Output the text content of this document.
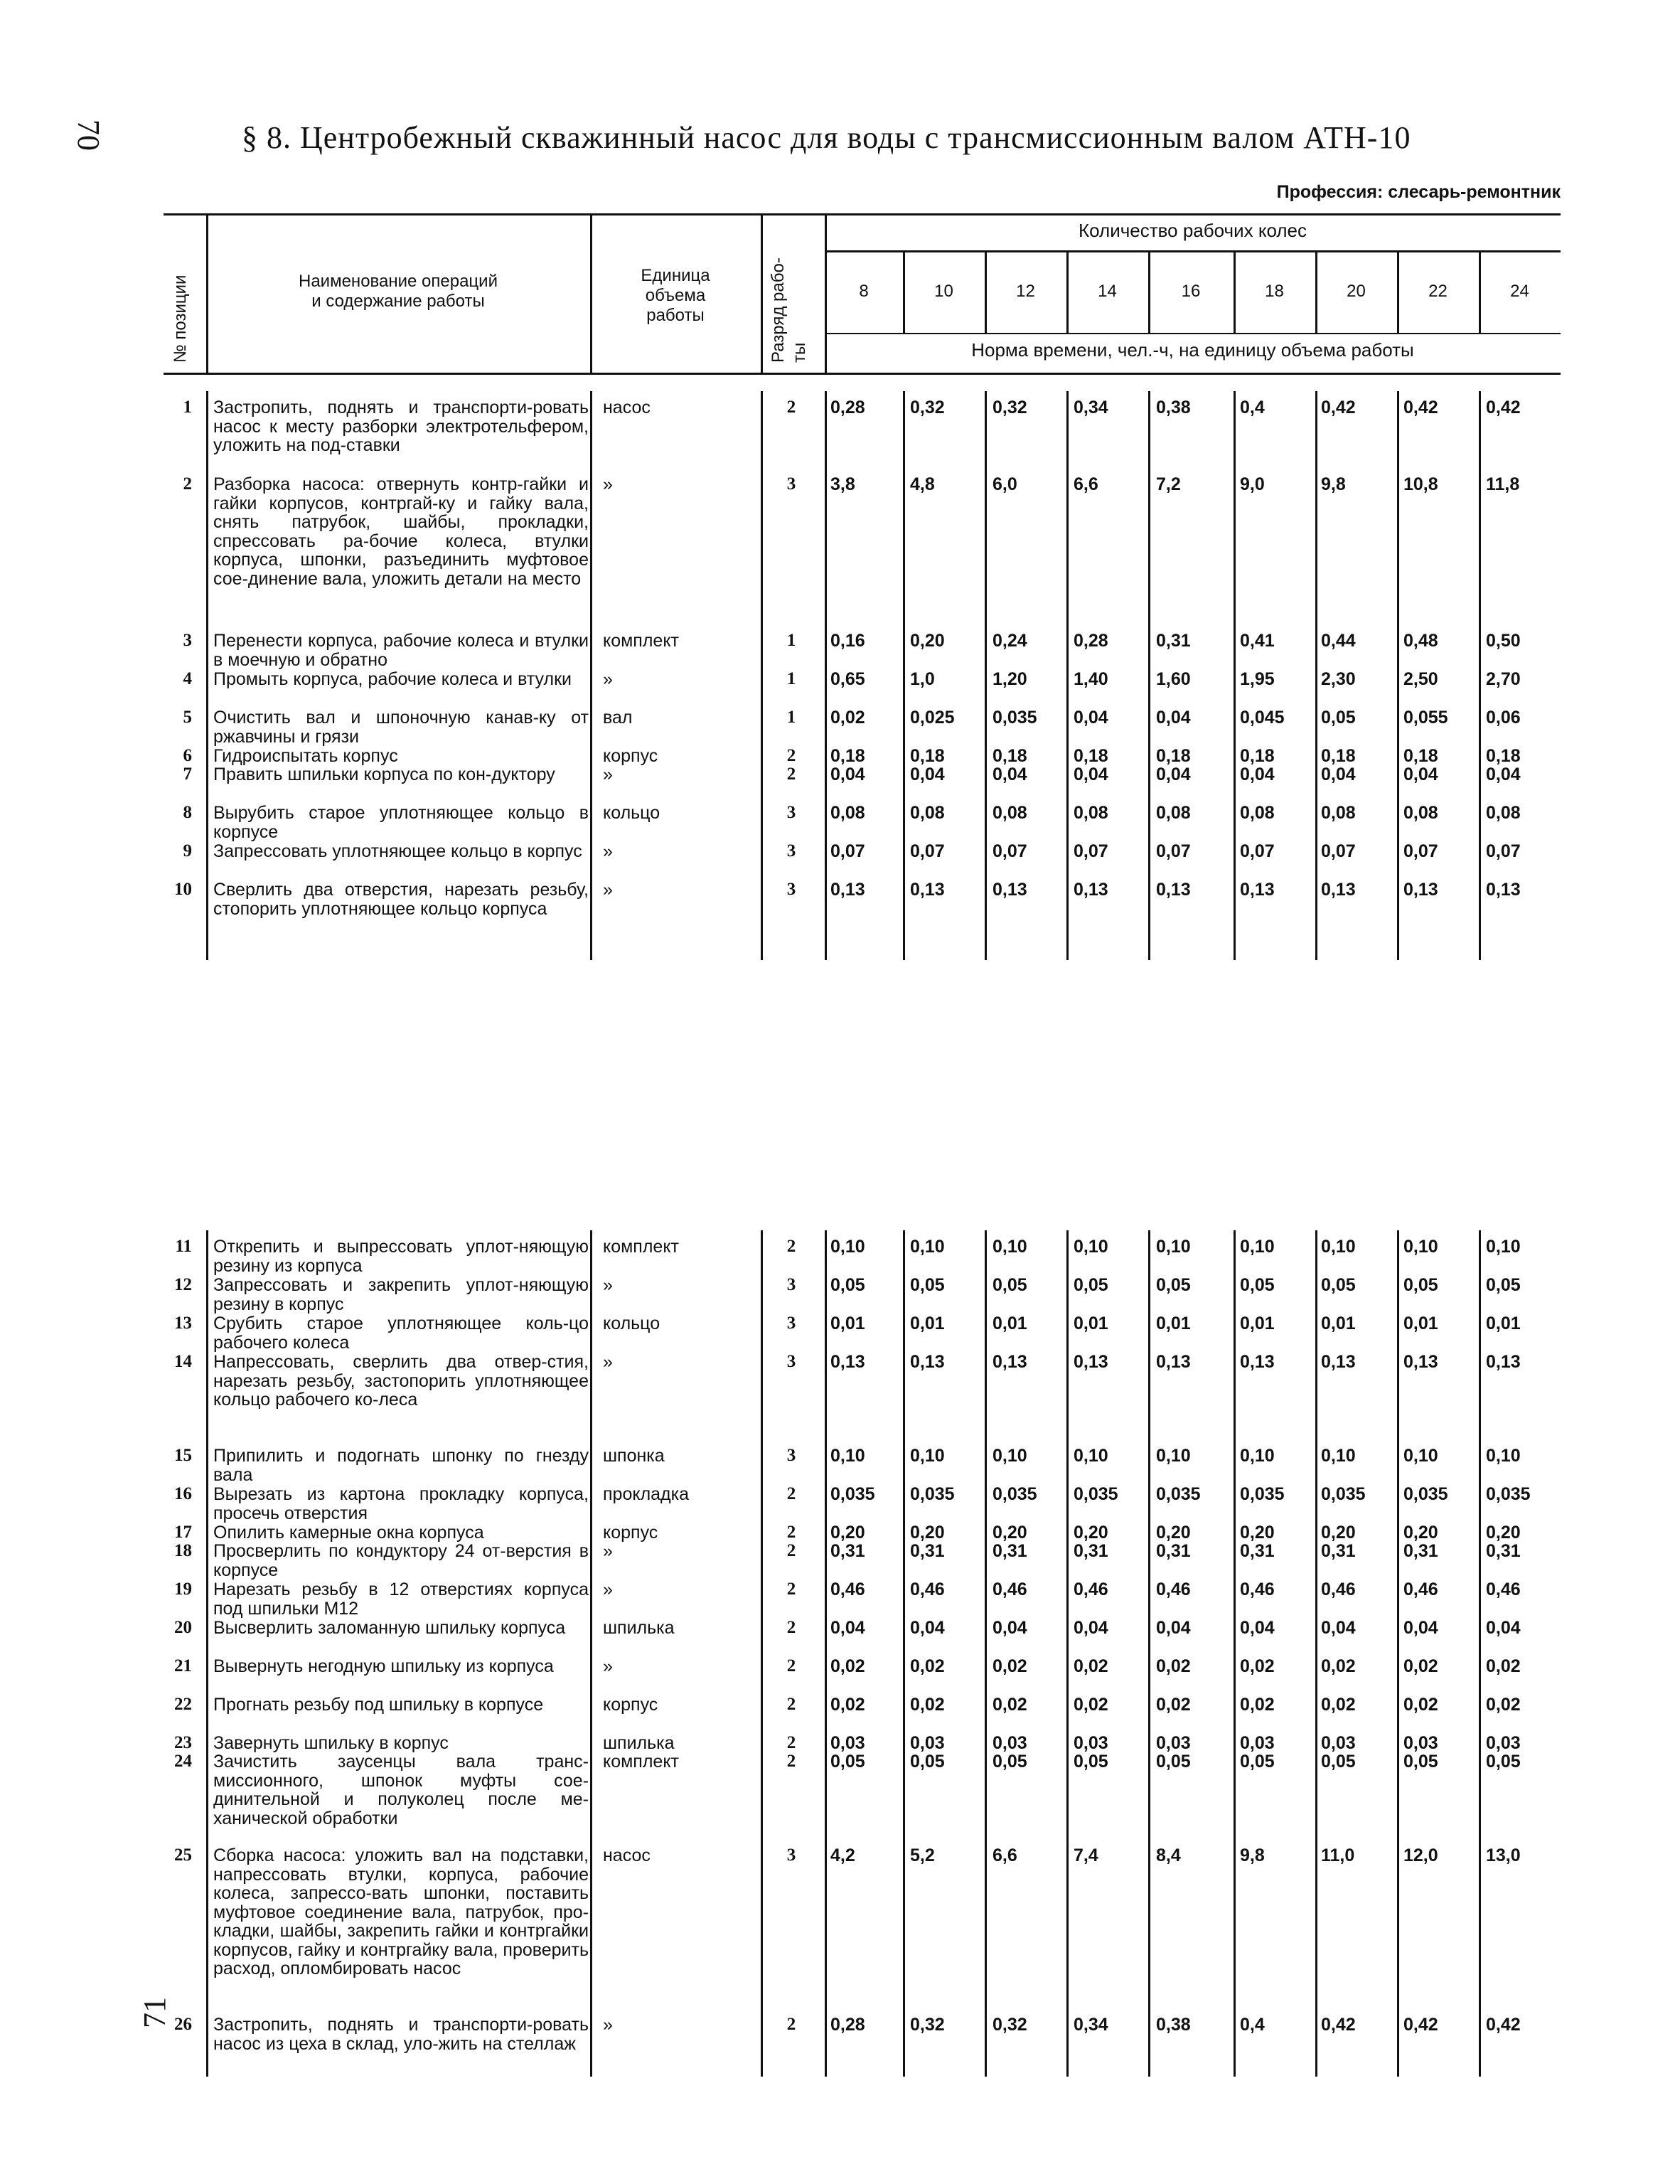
70	§ 8. Центробежный скважинный насос для воды с трансмиссионным валом АТН-10
Профессия: слесарь-ремонтник
71
№ позиции	Наименование операций
и содержание работы
Единица
объема
работы	Разряд рабо-
ты
Количество рабочих колес
Норма времени, чел.-ч, на единицу объема работы
8	10	12	14	16	18	20	22	24
1 Застропить, поднять и транспорти-ровать насос к месту разборки электротельфером, уложить на под-ставки
насос	2	0,28	0,32	0,32	0,34	0,38	0,4	0,42	0,42	0,42
2 Разборка насоса: отвернуть контр-гайки и гайки корпусов, контргай-ку и гайку вала, снять патрубок, шайбы, прокладки, спрессовать ра-бочие колеса, втулки корпуса, шпонки, разъединить муфтовое сое-динение вала, уложить детали на место
»	3	3,8	4,8	6,0	6,6	7,2	9,0	9,8	10,8	11,8
3 Перенести корпуса, рабочие колеса и втулки в моечную и обратно
комплект	1	0,16	0,20	0,24	0,28	0,31	0,41	0,44	0,48	0,50
4 Промыть корпуса, рабочие колеса и втулки	»	1	0,65	1,0	1,20	1,40	1,60	1,95	2,30	2,50	2,70
5 Очистить вал и шпоночную канав-ку от ржавчины и грязи
вал	1	0,02	0,025 0,035 0,04	0,04	0,045 0,05	0,055 0,06
6 Гидроиспытать корпус	корпус	2	0,18	0,18	0,18	0,18	0,18	0,18	0,18	0,18	0,18
7 Править шпильки корпуса по кон-дуктору	»	2	0,04	0,04	0,04	0,04	0,04	0,04	0,04	0,04	0,04
8 Вырубить старое уплотняющее кольцо в корпусе
кольцо	3	0,08	0,08	0,08	0,08	0,08	0,08	0,08	0,08	0,08
9 Запрессовать уплотняющее кольцо в корпус	»	3	0,07	0,07	0,07	0,07	0,07	0,07	0,07	0,07	0,07
10 Сверлить два отверстия, нарезать резьбу, стопорить уплотняющее кольцо корпуса
»	3	0,13	0,13	0,13	0,13	0,13	0,13	0,13	0,13	0,13
11 Открепить и выпрессовать уплот-няющую резину из корпуса
комплект	2	0,10	0,10	0,10	0,10	0,10	0,10	0,10	0,10	0,10
12 Запрессовать и закрепить уплот-няющую резину в корпус
»	3	0,05	0,05	0,05	0,05	0,05	0,05	0,05	0,05	0,05
13 Срубить старое уплотняющее коль-цо рабочего колеса
кольцо	3	0,01	0,01	0,01	0,01	0,01	0,01	0,01	0,01	0,01
14 Напрессовать, сверлить два отвер-стия, нарезать резьбу, застопорить уплотняющее кольцо рабочего ко-леса
»	3	0,13	0,13	0,13	0,13	0,13	0,13	0,13	0,13	0,13
15 Припилить и подогнать шпонку по гнезду вала
шпонка	3	0,10	0,10	0,10	0,10	0,10	0,10	0,10	0,10	0,10
16 Вырезать из картона прокладку корпуса, просечь отверстия
прокладка	2	0,035 0,035 0,035 0,035 0,035 0,035 0,035 0,035 0,035
17 Опилить камерные окна корпуса	корпус	2	0,20	0,20	0,20	0,20	0,20	0,20	0,20	0,20	0,20
18 Просверлить по кондуктору 24 от-верстия в корпусе
»	2	0,31	0,31	0,31	0,31	0,31	0,31	0,31	0,31	0,31
19 Нарезать резьбу в 12 отверстиях корпуса под шпильки М12
»	2	0,46	0,46	0,46	0,46	0,46	0,46	0,46	0,46	0,46
20 Высверлить заломанную шпильку корпуса	шпилька	2	0,04	0,04	0,04	0,04	0,04	0,04	0,04	0,04	0,04
21 Вывернуть негодную шпильку из корпуса	»	2	0,02	0,02	0,02	0,02	0,02	0,02	0,02	0,02	0,02
22 Прогнать резьбу под шпильку в корпусе	корпус	2	0,02	0,02	0,02	0,02	0,02	0,02	0,02	0,02	0,02
23 Завернуть шпильку в корпус	шпилька	2	0,03	0,03	0,03	0,03	0,03	0,03	0,03	0,03	0,03
24 Зачистить заусенцы вала транс-миссионного, шпонок муфты сое-динительной и полуколец после ме-ханической обработки
комплект	2	0,05	0,05	0,05	0,05	0,05	0,05	0,05	0,05	0,05
25 Сборка насоса: уложить вал на подставки, напрессовать втулки, корпуса, рабочие колеса, запрессо-вать шпонки, поставить муфтовое соединение вала, патрубок, про-кладки, шайбы, закрепить гайки и контргайки корпусов, гайку и контргайку вала, проверить расход, опломбировать насос
насос	3	4,2	5,2	6,6	7,4	8,4	9,8	11,0	12,0	13,0
26 Застропить, поднять и транспорти-ровать насос из цеха в склад, уло-жить на стеллаж
»	2	0,28	0,32	0,32	0,34	0,38	0,4	0,42	0,42	0,42
